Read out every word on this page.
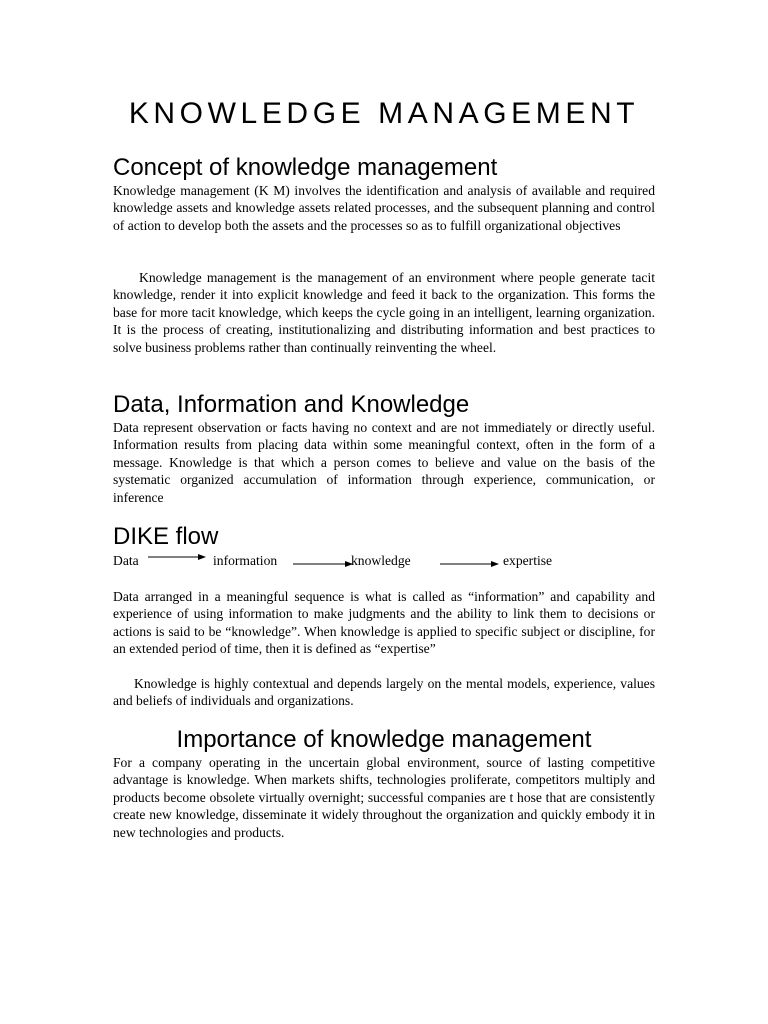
KNOWLEDGE MANAGEMENT
Concept of knowledge management
Knowledge management (K M) involves the identification and analysis of available and required knowledge assets and knowledge assets related processes, and the subsequent planning and control of action to develop both the assets and the processes so as to fulfill organizational objectives
Knowledge management is the management of an environment where people generate tacit knowledge, render it into explicit knowledge and feed it back to the organization. This forms the base for more tacit knowledge, which keeps the cycle going in an intelligent, learning organization. It is the process of creating, institutionalizing and distributing information and best practices to solve business problems rather than continually reinventing the wheel.
Data, Information and Knowledge
Data represent observation or facts having no context and are not immediately or directly useful. Information results from placing data within some meaningful context, often in the form of a message. Knowledge is that which a person comes to believe and value on the basis of the systematic organized accumulation of information through experience, communication, or inference
DIKE flow
Data	information	knowledge	expertise
Data arranged in a meaningful sequence is what is called as “information” and capability and experience of using information to make judgments and the ability to link them to decisions or actions is said to be “knowledge”. When knowledge is applied to specific subject or discipline, for an extended period of time, then it is defined as “expertise”
Knowledge is highly contextual and depends largely on the mental models, experience, values and beliefs of individuals and organizations.
Importance of knowledge management
For a company operating in the uncertain global environment, source of lasting competitive advantage is knowledge. When markets shifts, technologies proliferate, competitors multiply and products become obsolete virtually overnight; successful companies are t hose that are consistently create new knowledge, disseminate it widely throughout the organization and quickly embody it in new technologies and products.
